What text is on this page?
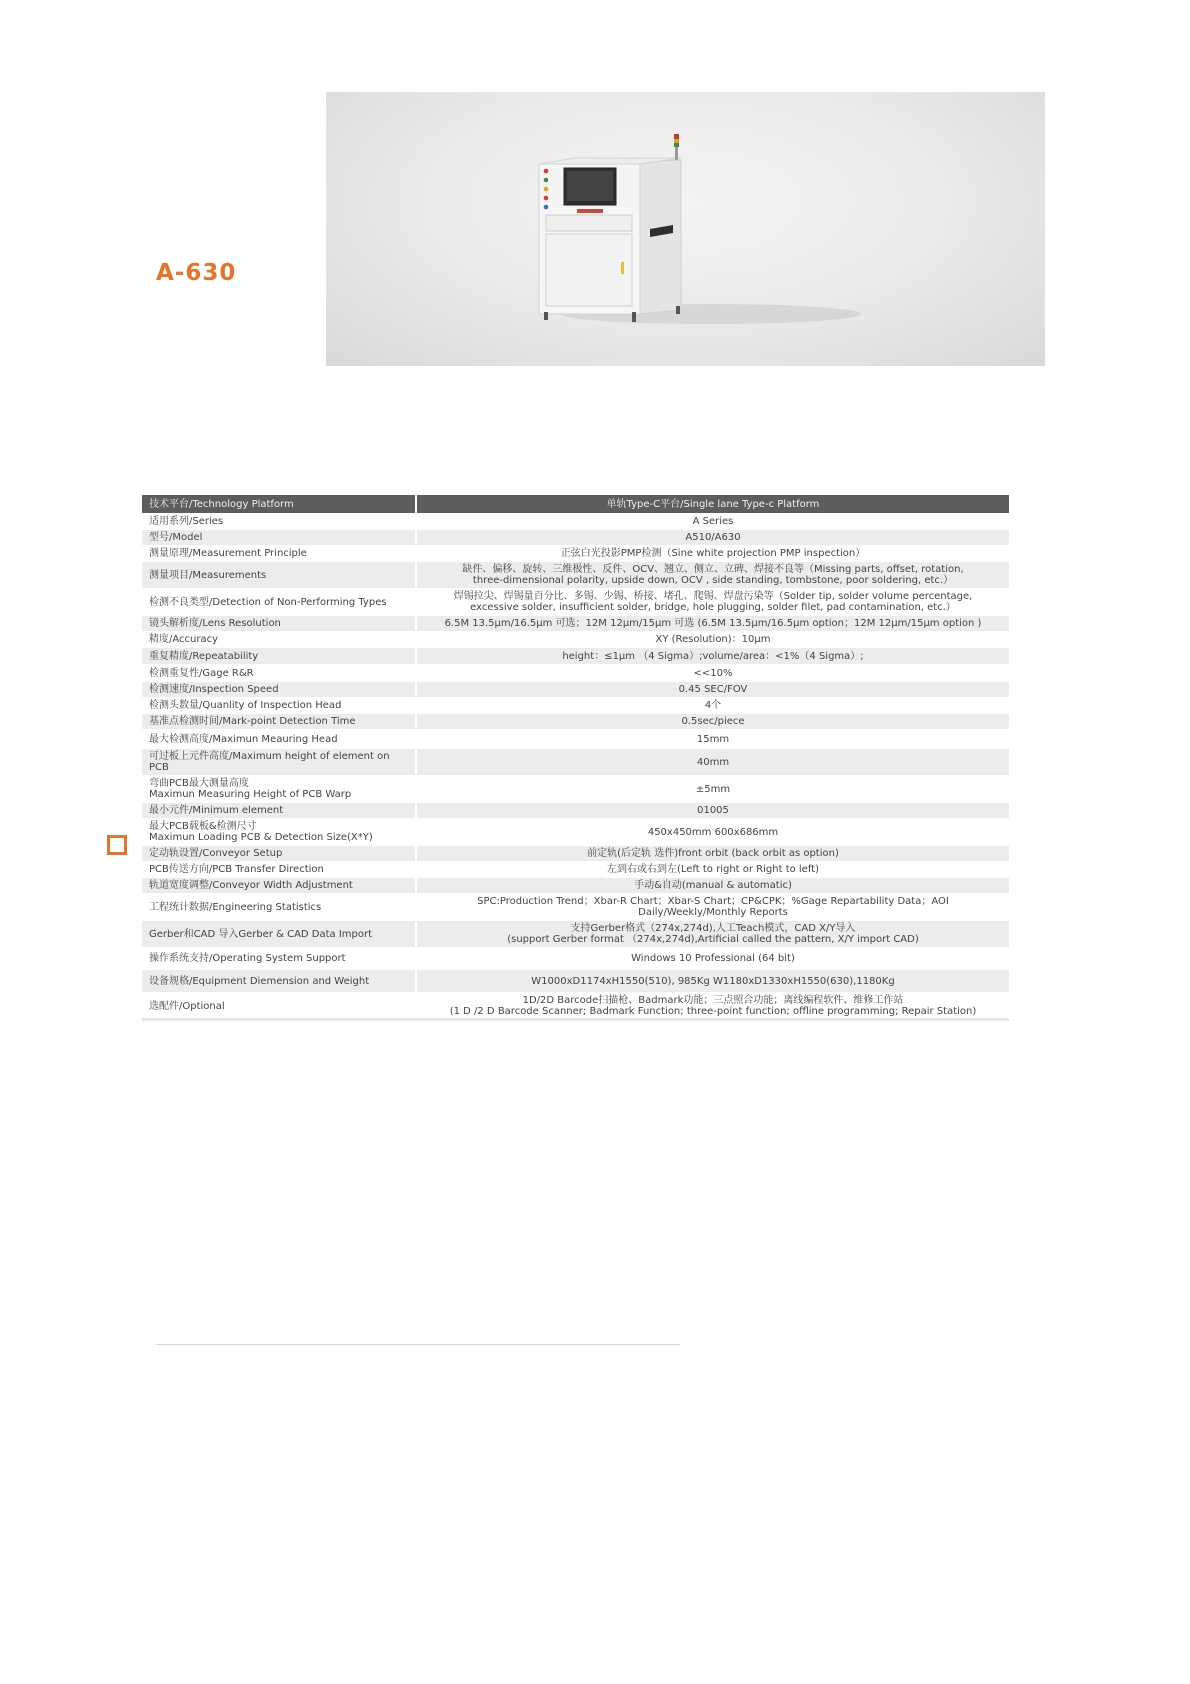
A-630
技术平台/Technology Platform	单轨Type-C平台/Single lane Type-c Platform

适用系列/Series	A Series

型号/Model	A510/A630

测量原理/Measurement Principle	正弦白光投影PMP检测（Sine white projection PMP inspection）

测量项目/Measurements	缺件、偏移、旋转、三维极性、反件、OCV、翘立、侧立、立碑、焊接不良等（Missing parts, offset, rotation,
three-dimensional polarity, upside down, OCV , side standing, tombstone, poor soldering, etc.）

检测不良类型/Detection of Non-Performing Types	焊锡拉尖、焊锡量百分比、多锡、少锡、桥接、堵孔、爬锡、焊盘污染等（Solder tip, solder volume percentage,
excessive solder, insufficient solder, bridge, hole plugging, solder filet, pad contamination, etc.）

镜头解析度/Lens Resolution	6.5M 13.5μm/16.5μm 可选；12M 12μm/15μm 可选 (6.5M 13.5μm/16.5μm option；12M 12μm/15μm option )

精度/Accuracy	XY (Resolution)：10μm

重复精度/Repeatability	height：≤1μm （4 Sigma）;volume/area：<1%（4 Sigma）;

检测重复性/Gage R&R	<<10%

检测速度/Inspection Speed	0.45 SEC/FOV

检测头数量/Quanlity of Inspection Head	4个

基准点检测时间/Mark-point Detection Time	0.5sec/piece

最大检测高度/Maximun Meauring Head	15mm

可过板上元件高度/Maximum height of element on PCB	40mm

弯曲PCB最大测量高度
Maximun Measuring Height of PCB Warp	±5mm

最小元件/Minimum element	01005

最大PCB载板&检测尺寸
Maximun Loading PCB & Detection Size(X*Y)	450x450mm 600x686mm

定动轨设置/Conveyor Setup	前定轨(后定轨 选件)front orbit (back orbit as option)

PCB传送方向/PCB Transfer Direction	左到右或右到左(Left to right or Right to left)

轨道宽度调整/Conveyor Width Adjustment	手动&自动(manual & automatic)

工程统计数据/Engineering Statistics	SPC:Production Trend；Xbar-R Chart；Xbar-S Chart；CP&CPK；%Gage Repartability Data；AOI Daily/Weekly/Monthly Reports

Gerber和CAD 导入Gerber & CAD Data Import	支持Gerber格式（274x,274d),人工Teach模式，CAD X/Y导入
(support Gerber format （274x,274d),Artificial called the pattern, X/Y import CAD)

操作系统支持/Operating System Support	Windows 10 Professional (64 bit)

设备规格/Equipment Diemension and Weight	W1000xD1174xH1550(510), 985Kg W1180xD1330xH1550(630),1180Kg

选配件/Optional	1D/2D Barcode扫描枪、Badmark功能；三点照合功能；离线编程软件、维修工作站
(1 D /2 D Barcode Scanner; Badmark Function; three-point function; offline programming; Repair Station)
